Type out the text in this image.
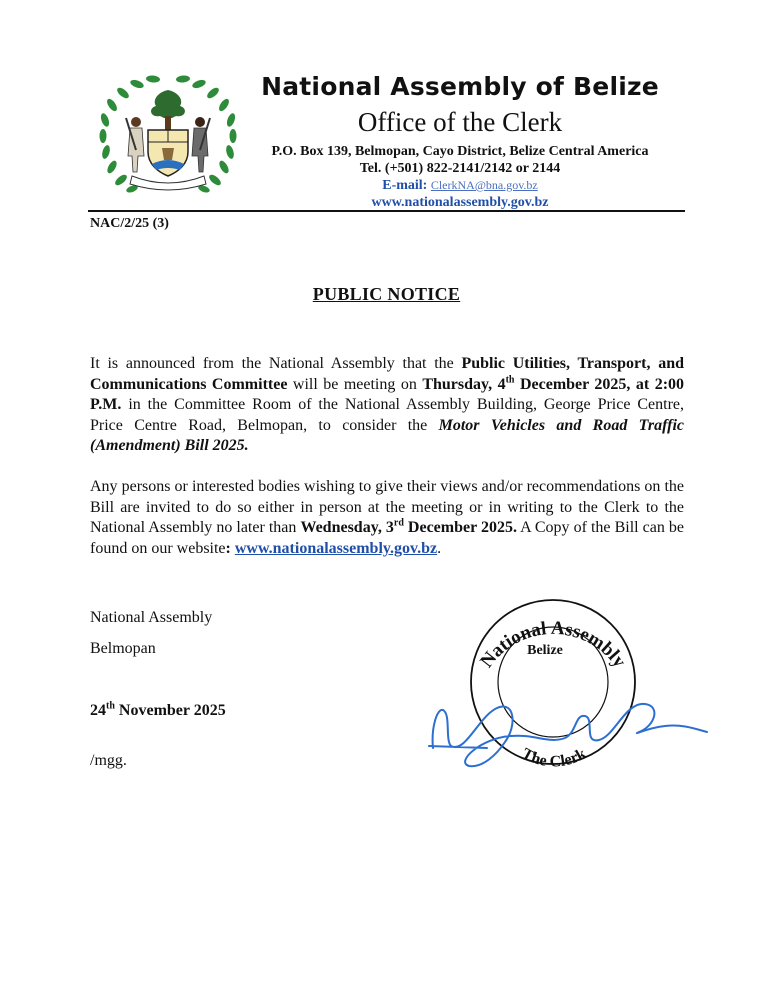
National Assembly of Belize
Office of the Clerk
P.O. Box 139, Belmopan, Cayo District, Belize Central America
Tel. (+501) 822-2141/2142 or 2144
E-mail: ClerkNA@bna.gov.bz
www.nationalassembly.gov.bz
NAC/2/25 (3)
PUBLIC NOTICE
It is announced from the National Assembly that the Public Utilities, Transport, and Communications Committee will be meeting on Thursday, 4th December 2025, at 2:00 P.M. in the Committee Room of the National Assembly Building, George Price Centre, Price Centre Road, Belmopan, to consider the Motor Vehicles and Road Traffic (Amendment) Bill 2025.
Any persons or interested bodies wishing to give their views and/or recommendations on the Bill are invited to do so either in person at the meeting or in writing to the Clerk to the National Assembly no later than Wednesday, 3rd December 2025. A Copy of the Bill can be found on our website: www.nationalassembly.gov.bz.
National Assembly
Belmopan
24th November 2025
/mgg.
National Assembly
Belize
The Clerk
